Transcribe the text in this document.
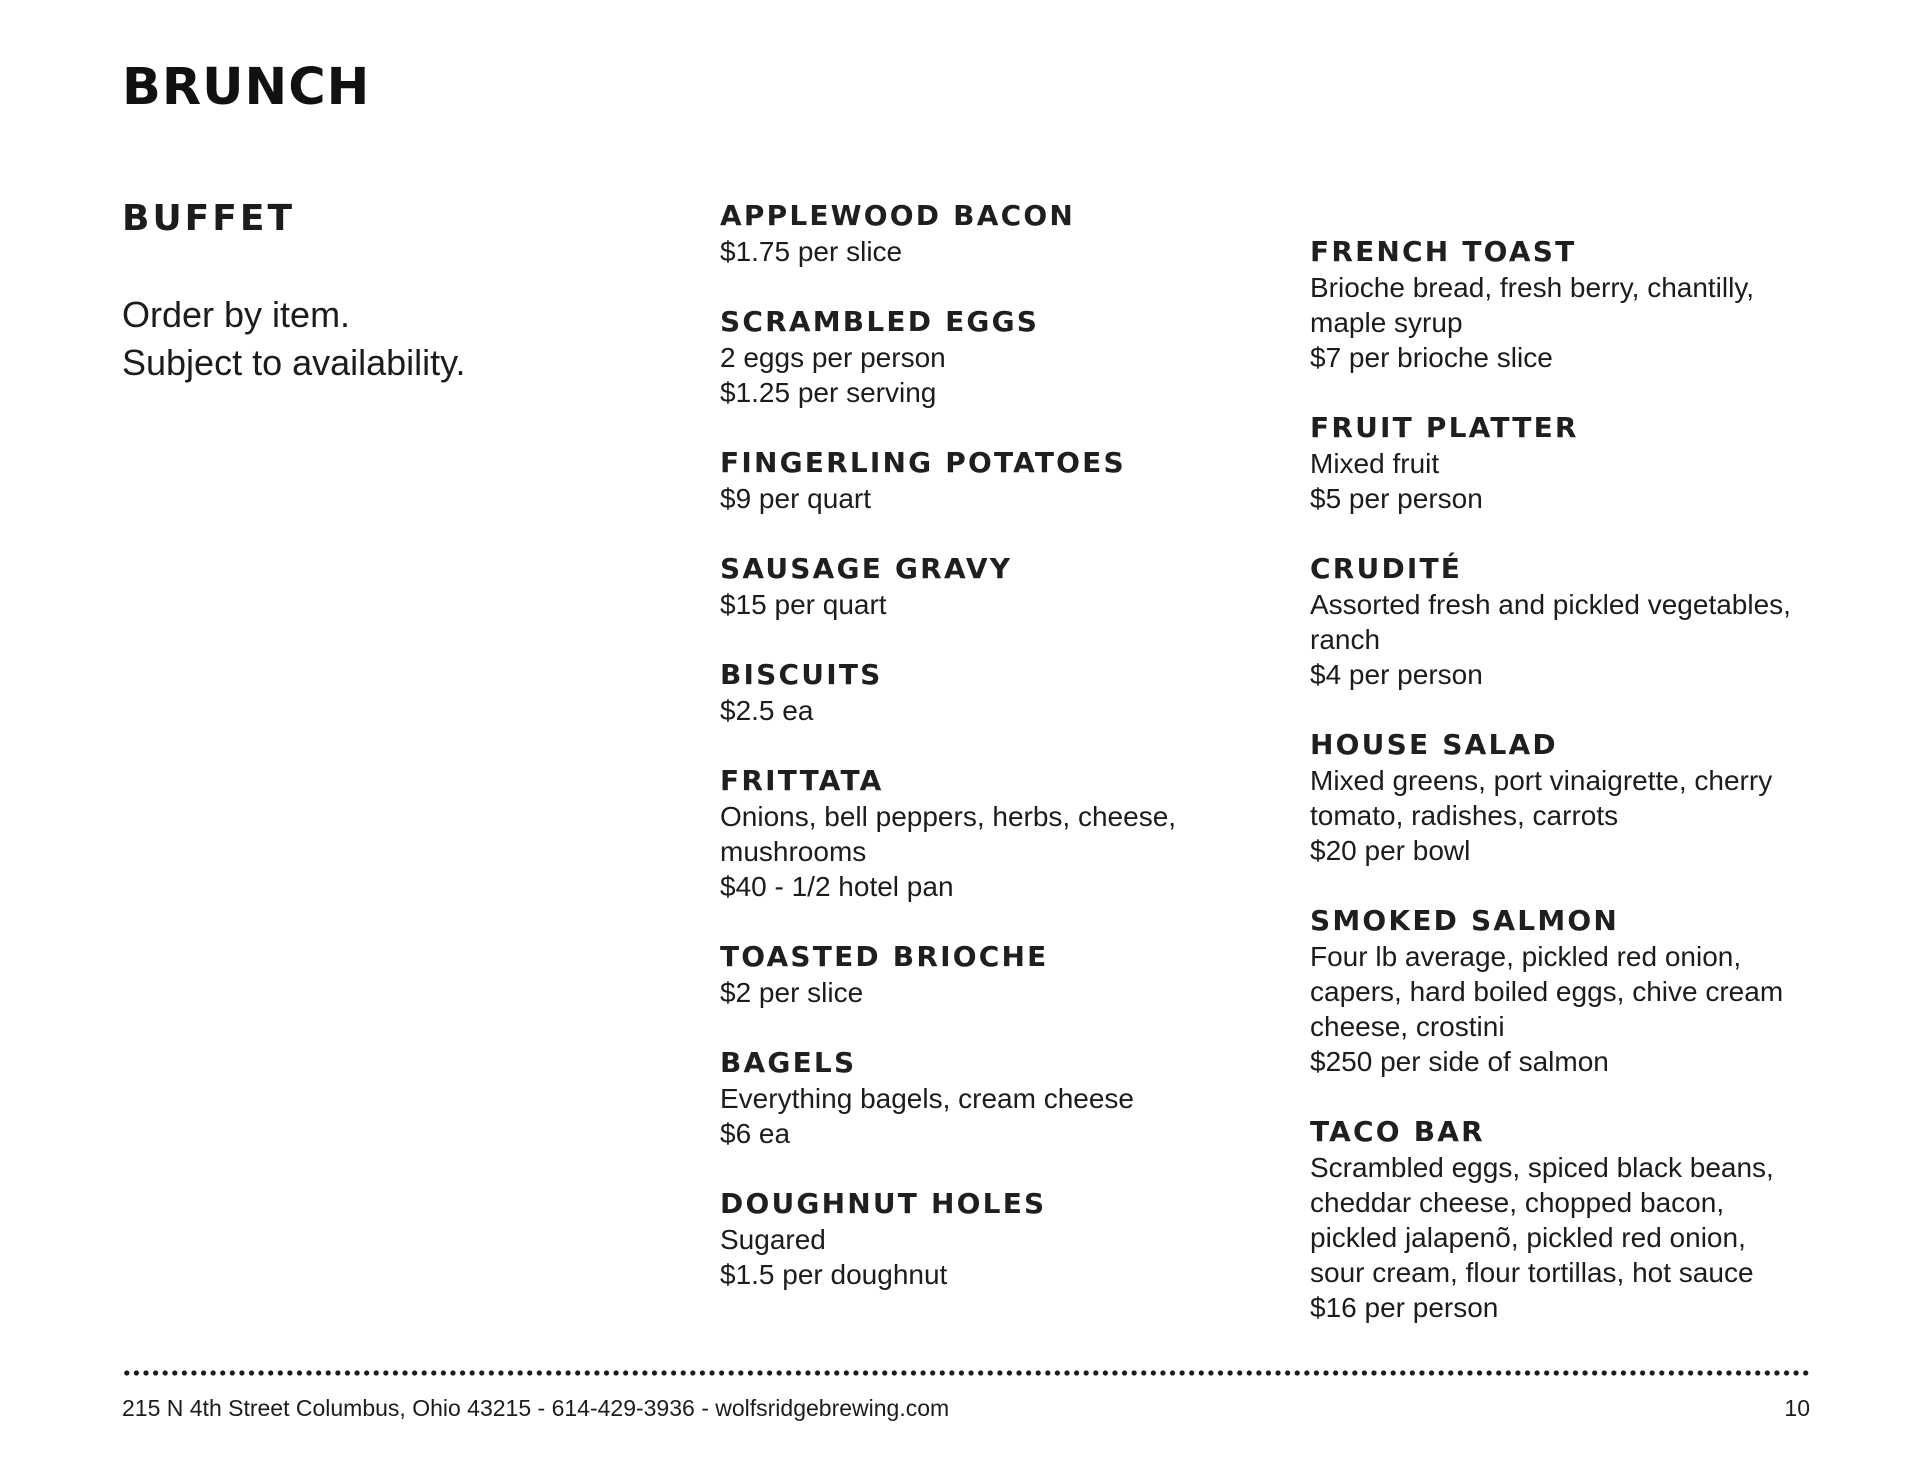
BRUNCH
BUFFET
Order by item.
Subject to availability.
APPLEWOOD BACON
$1.75 per slice
SCRAMBLED EGGS
2 eggs per person
$1.25 per serving
FINGERLING POTATOES
$9 per quart
SAUSAGE GRAVY
$15 per quart
BISCUITS
$2.5 ea
FRITTATA
Onions, bell peppers, herbs, cheese,
mushrooms
$40 - 1/2 hotel pan
TOASTED BRIOCHE
$2 per slice
BAGELS
Everything bagels, cream cheese
$6 ea
DOUGHNUT HOLES
Sugared
$1.5 per doughnut
FRENCH TOAST
Brioche bread, fresh berry, chantilly,
maple syrup
$7 per brioche slice
FRUIT PLATTER
Mixed fruit
$5 per person
CRUDITÉ
Assorted fresh and pickled vegetables,
ranch
$4 per person
HOUSE SALAD
Mixed greens, port vinaigrette, cherry
tomato, radishes, carrots
$20 per bowl
SMOKED SALMON
Four lb average, pickled red onion,
capers, hard boiled eggs, chive cream
cheese, crostini
$250 per side of salmon
TACO BAR
Scrambled eggs, spiced black beans,
cheddar cheese, chopped bacon,
pickled jalapenõ, pickled red onion,
sour cream, flour tortillas, hot sauce
$16 per person
215 N 4th Street Columbus, Ohio 43215 - 614-429-3936 - wolfsridgebrewing.com	10
